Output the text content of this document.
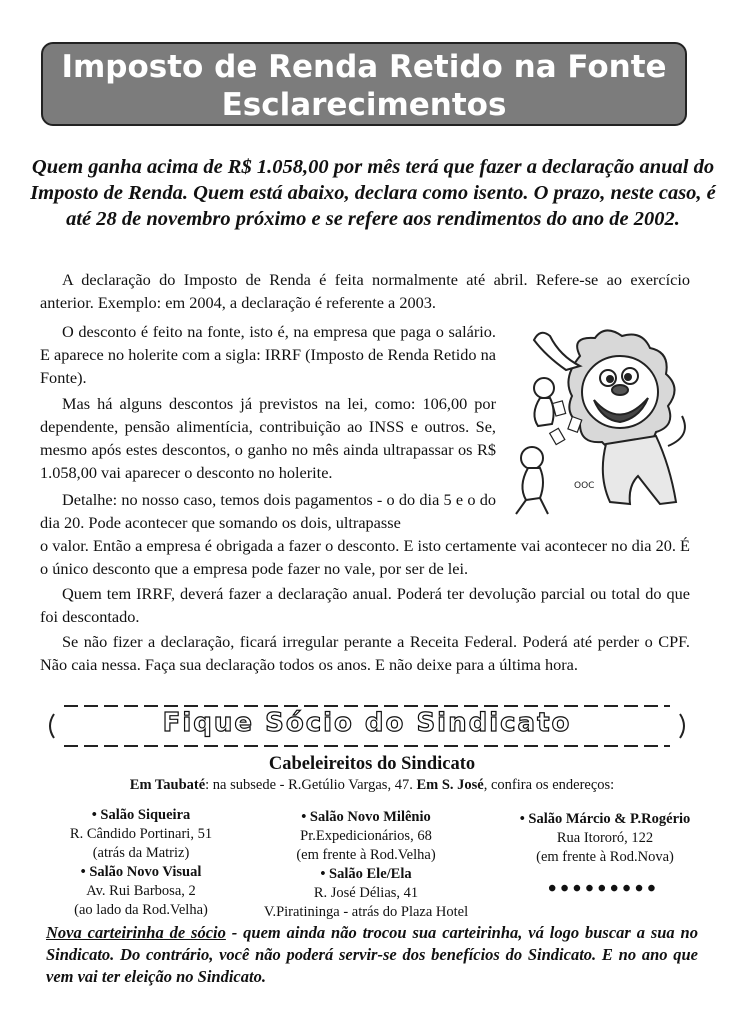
Imposto de Renda Retido na Fonte
Esclarecimentos
Quem ganha acima de R$ 1.058,00 por mês terá que fazer a declaração anual do Imposto de Renda. Quem está abaixo, declara como isento. O prazo, neste caso, é até 28 de novembro próximo e se refere aos rendimentos do ano de 2002.

A declaração do Imposto de Renda é feita normalmente até abril. Refere-se ao exercício anterior. Exemplo: em 2004, a declaração é referente a 2003.

O desconto é feito na fonte, isto é, na empresa que paga o salário. E aparece no holerite com a sigla: IRRF (Imposto de Renda Retido na Fonte).

Mas há alguns descontos já previstos na lei, como: 106,00 por dependente, pensão alimentícia, contribuição ao INSS e outros. Se, mesmo após estes descontos, o ganho no mês ainda ultrapassar os R$ 1.058,00 vai aparecer o desconto no holerite.

Detalhe: no nosso caso, temos dois pagamentos - o do dia 5 e o do dia 20. Pode acontecer que somando os dois, ultrapasse

o valor. Então a empresa é obrigada a fazer o desconto. E isto certamente vai acontecer no dia 20. É o único desconto que a empresa pode fazer no vale, por ser de lei.

Quem tem IRRF, deverá fazer a declaração anual. Poderá ter devolução parcial ou total do que foi descontado.

Se não fizer a declaração, ficará irregular perante a Receita Federal. Poderá até perder o CPF. Não caia nessa. Faça sua declaração todos os anos. E não deixe para a última hora.

OOC
Fique Sócio do Sindicato
Cabeleireitos do Sindicato
Em Taubaté: na subsede - R.Getúlio Vargas, 47. Em S. José, confira os endereços:
• Salão Siqueira
R. Cândido Portinari, 51
(atrás da Matriz)
• Salão Novo Visual
Av. Rui Barbosa, 2
(ao lado da Rod.Velha)
• Salão Novo Milênio
Pr.Expedicionários, 68
(em frente à Rod.Velha)
• Salão Ele/Ela
R. José Délias, 41
V.Piratininga - atrás do Plaza Hotel
• Salão Márcio & P.Rogério
Rua Itororó, 122
(em frente à Rod.Nova)
•••••••••
Nova carteirinha de sócio - quem ainda não trocou sua carteirinha, vá logo buscar a sua no Sindicato. Do contrário, você não poderá servir-se dos benefícios do Sindicato. E no ano que vem vai ter eleição no Sindicato.
